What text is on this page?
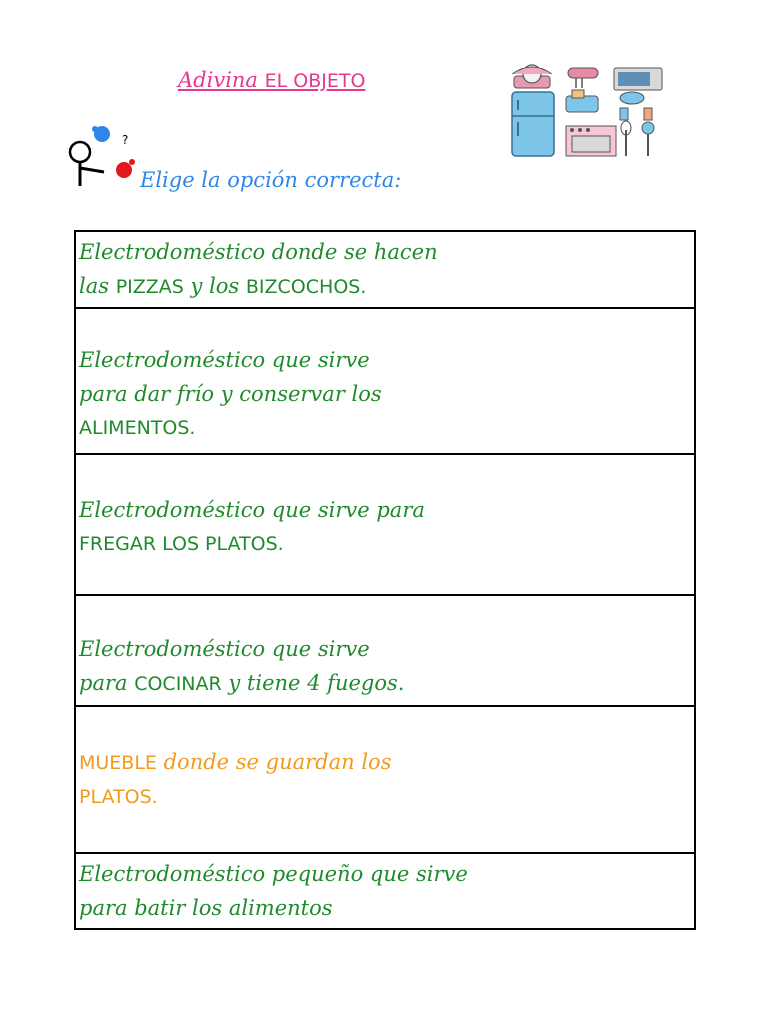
Adivina EL OBJETO
?
Elige la opción correcta:
Electrodoméstico donde se hacen
las PIZZAS y los BIZCOCHOS.
Electrodoméstico que sirve
para dar frío y conservar los
ALIMENTOS.
Electrodoméstico que sirve para
FREGAR LOS PLATOS.
Electrodoméstico que sirve
para COCINAR y tiene 4 fuegos.
MUEBLE donde se guardan los
PLATOS.
Electrodoméstico pequeño que sirve
para batir los alimentos
